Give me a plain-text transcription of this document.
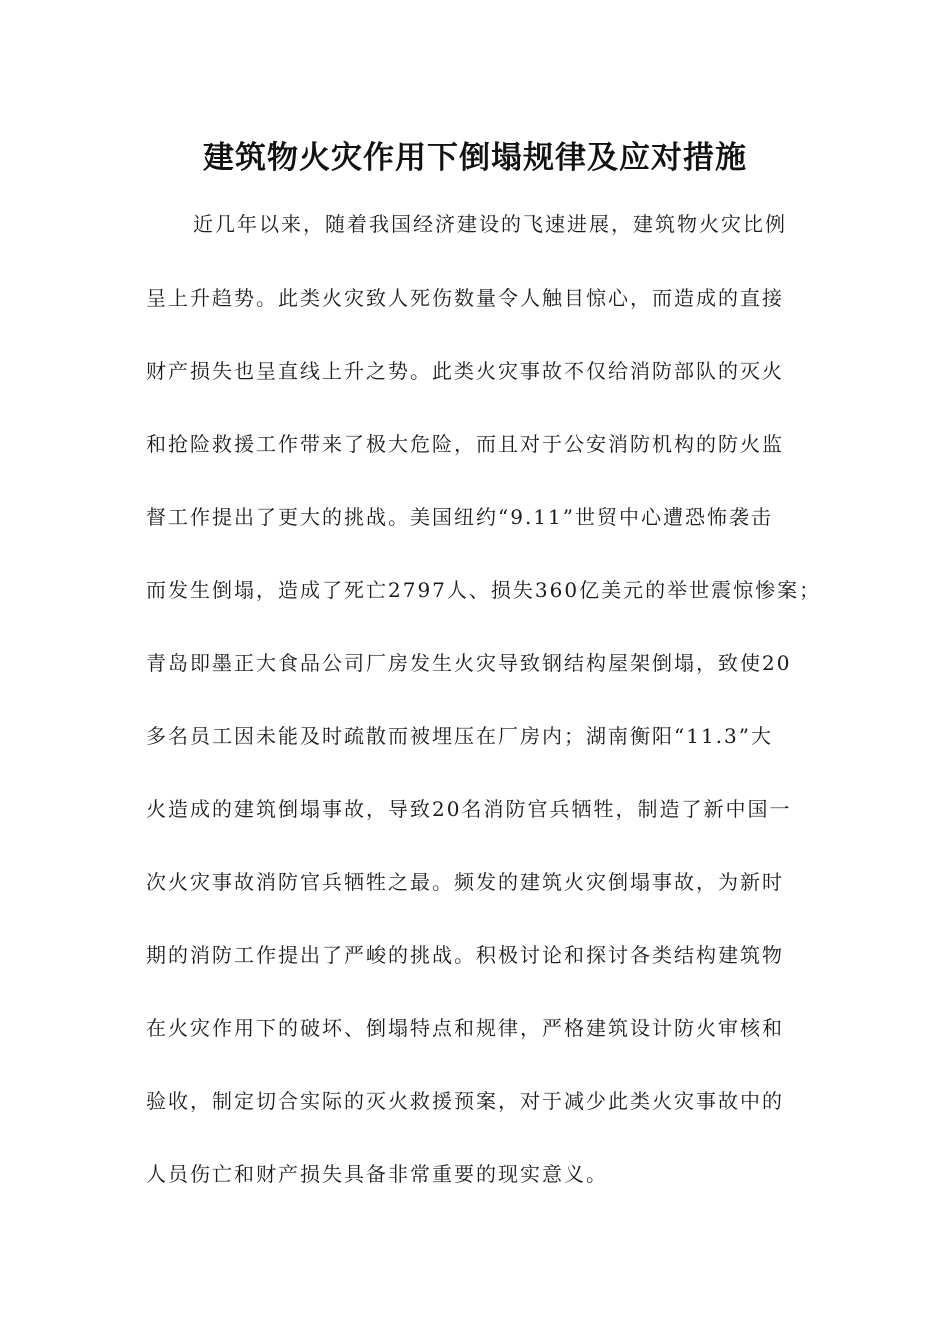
建筑物火灾作用下倒塌规律及应对措施
近几年以来，随着我国经济建设的飞速进展，建筑物火灾比例
呈上升趋势。此类火灾致人死伤数量令人触目惊心，而造成的直接
财产损失也呈直线上升之势。此类火灾事故不仅给消防部队的灭火
和抢险救援工作带来了极大危险，而且对于公安消防机构的防火监
督工作提出了更大的挑战。美国纽约“9.11”世贸中心遭恐怖袭击
而发生倒塌，造成了死亡2797人、损失360亿美元的举世震惊惨案；
青岛即墨正大食品公司厂房发生火灾导致钢结构屋架倒塌，致使20
多名员工因未能及时疏散而被埋压在厂房内；湖南衡阳“11.3”大
火造成的建筑倒塌事故，导致20名消防官兵牺牲，制造了新中国一
次火灾事故消防官兵牺牲之最。频发的建筑火灾倒塌事故，为新时
期的消防工作提出了严峻的挑战。积极讨论和探讨各类结构建筑物
在火灾作用下的破坏、倒塌特点和规律，严格建筑设计防火审核和
验收，制定切合实际的灭火救援预案，对于减少此类火灾事故中的
人员伤亡和财产损失具备非常重要的现实意义。
